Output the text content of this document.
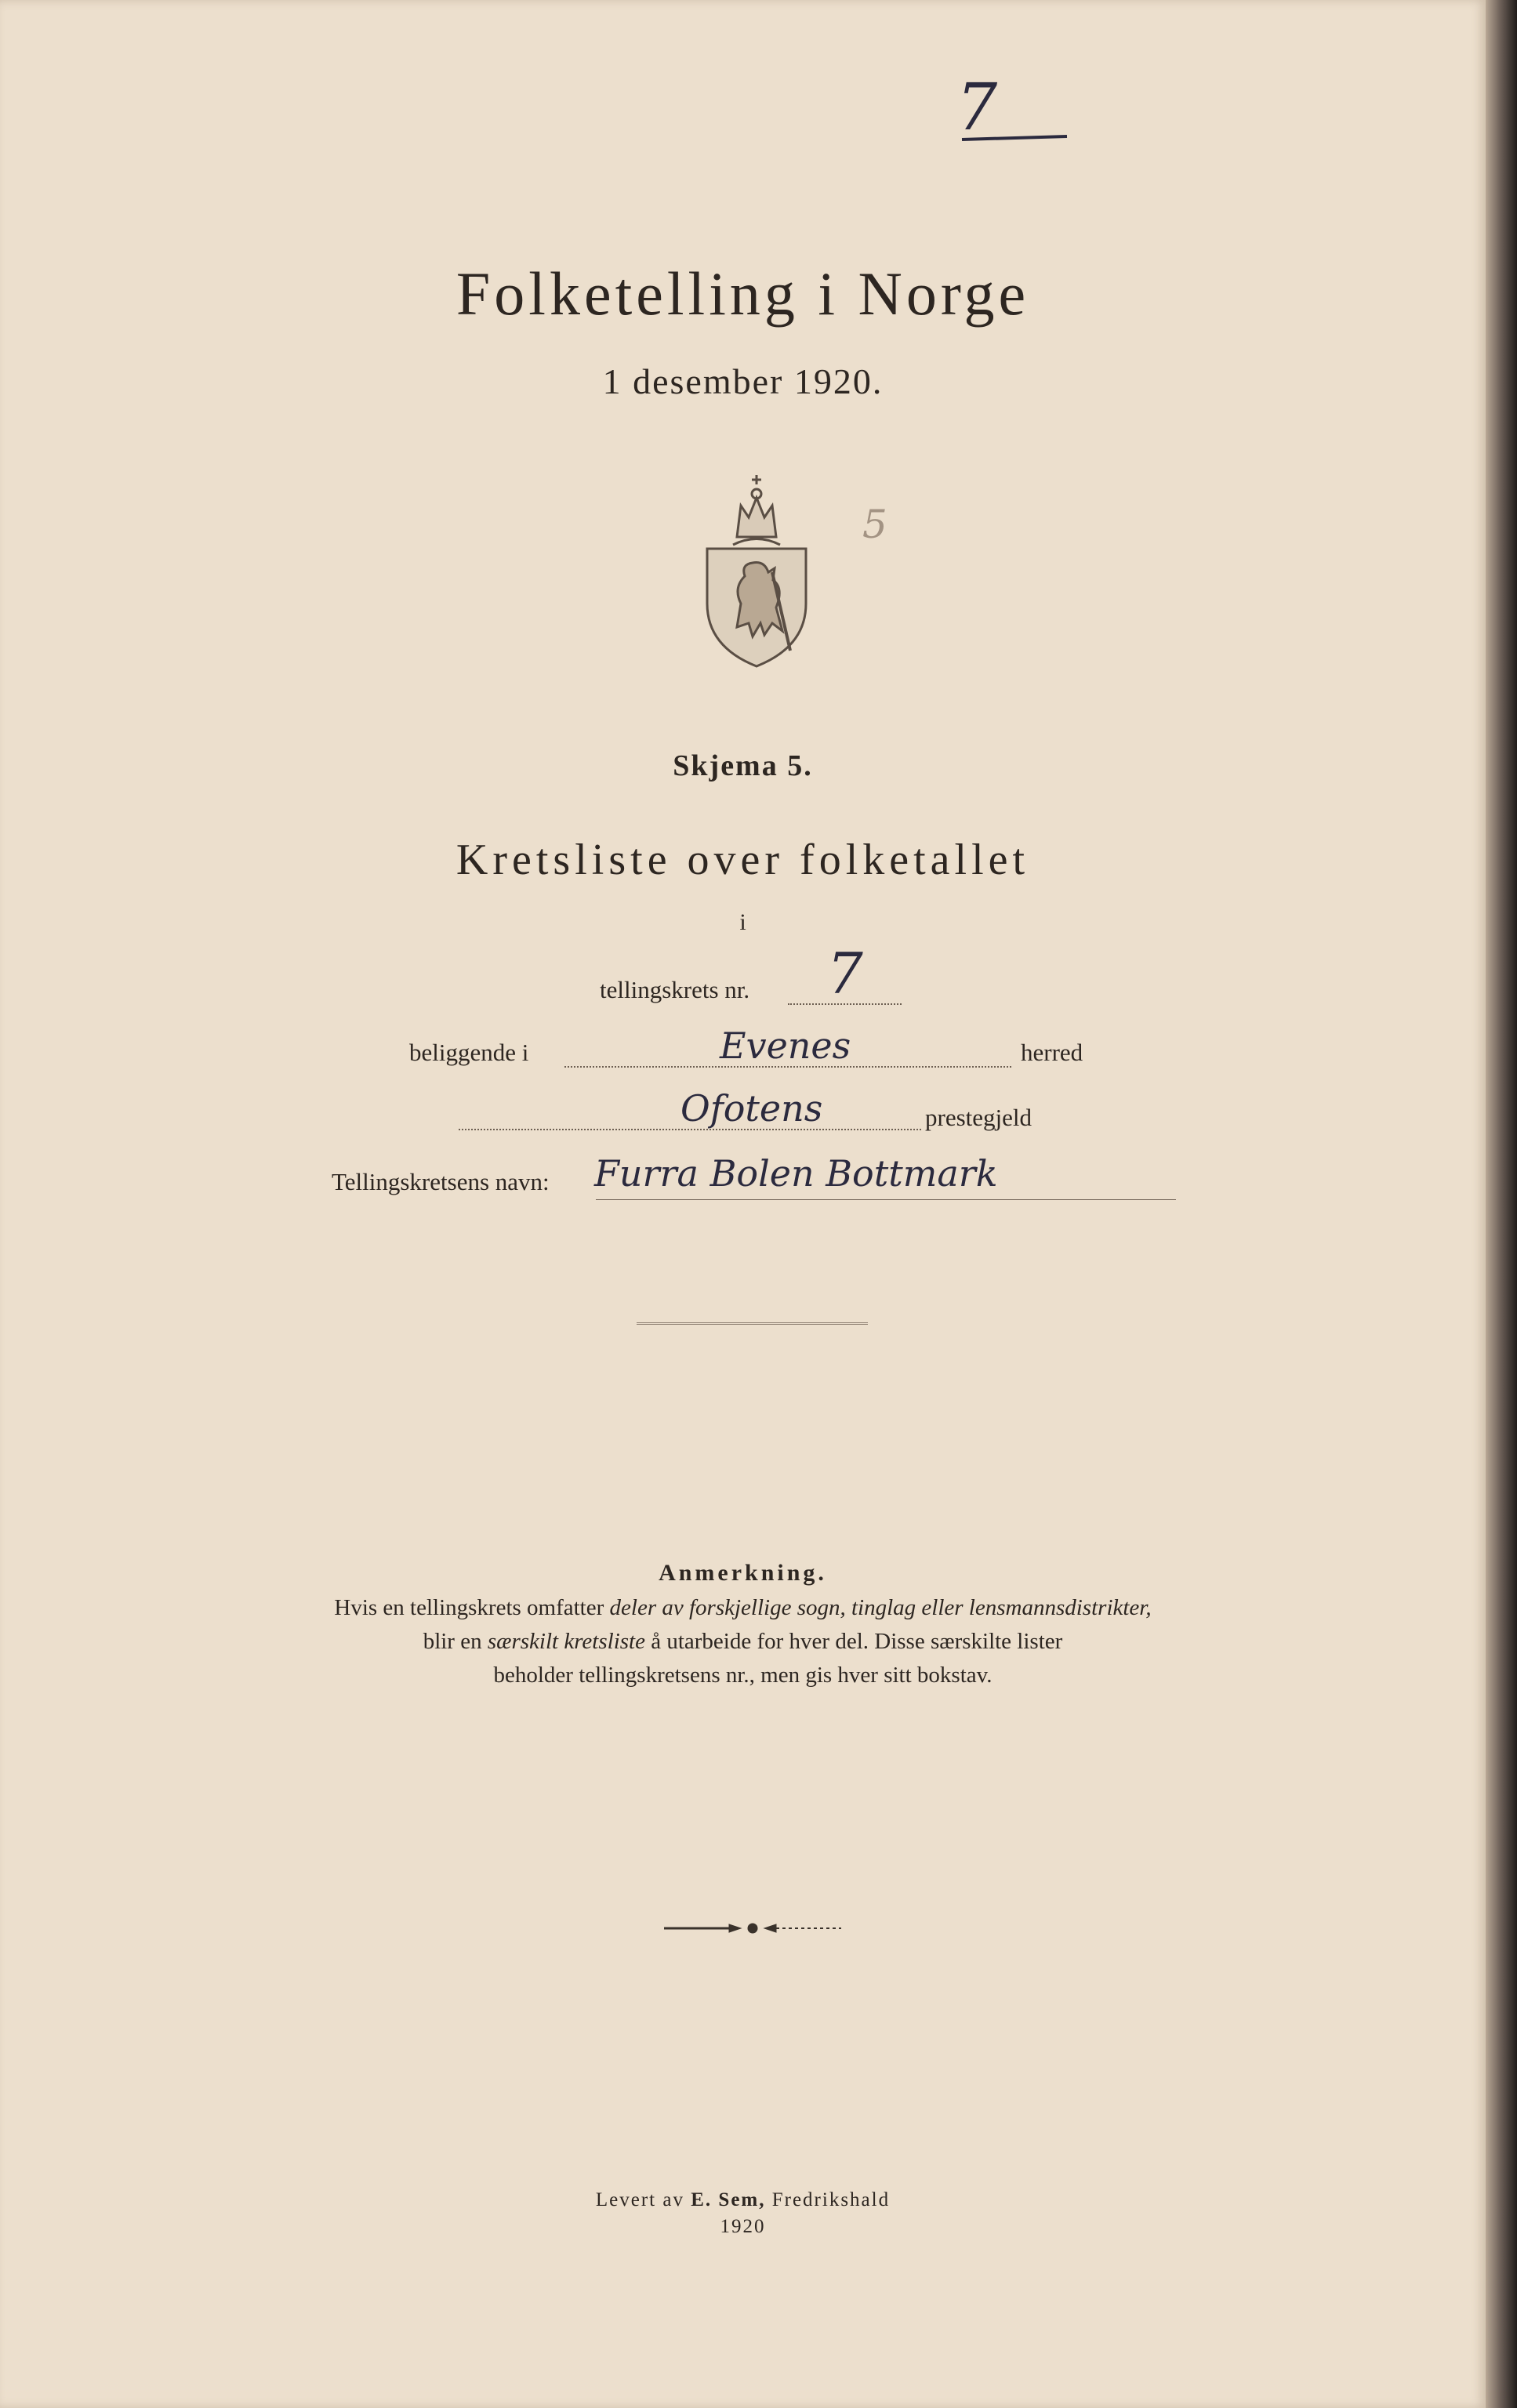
7
Folketelling i Norge
1 desember 1920.
5
Skjema 5.
Kretsliste over folketallet
i
tellingskrets nr. 7
beliggende i	Evenes	herred
Ofotens	prestegjeld
Tellingskretsens navn: Furra Bolen Bottmark
Anmerkning.
Hvis en tellingskrets omfatter deler av forskjellige sogn, tinglag eller lensmannsdistrikter,
blir en særskilt kretsliste å utarbeide for hver del. Disse særskilte lister
beholder tellingskretsens nr., men gis hver sitt bokstav.
Levert av E. Sem, Fredrikshald
1920
